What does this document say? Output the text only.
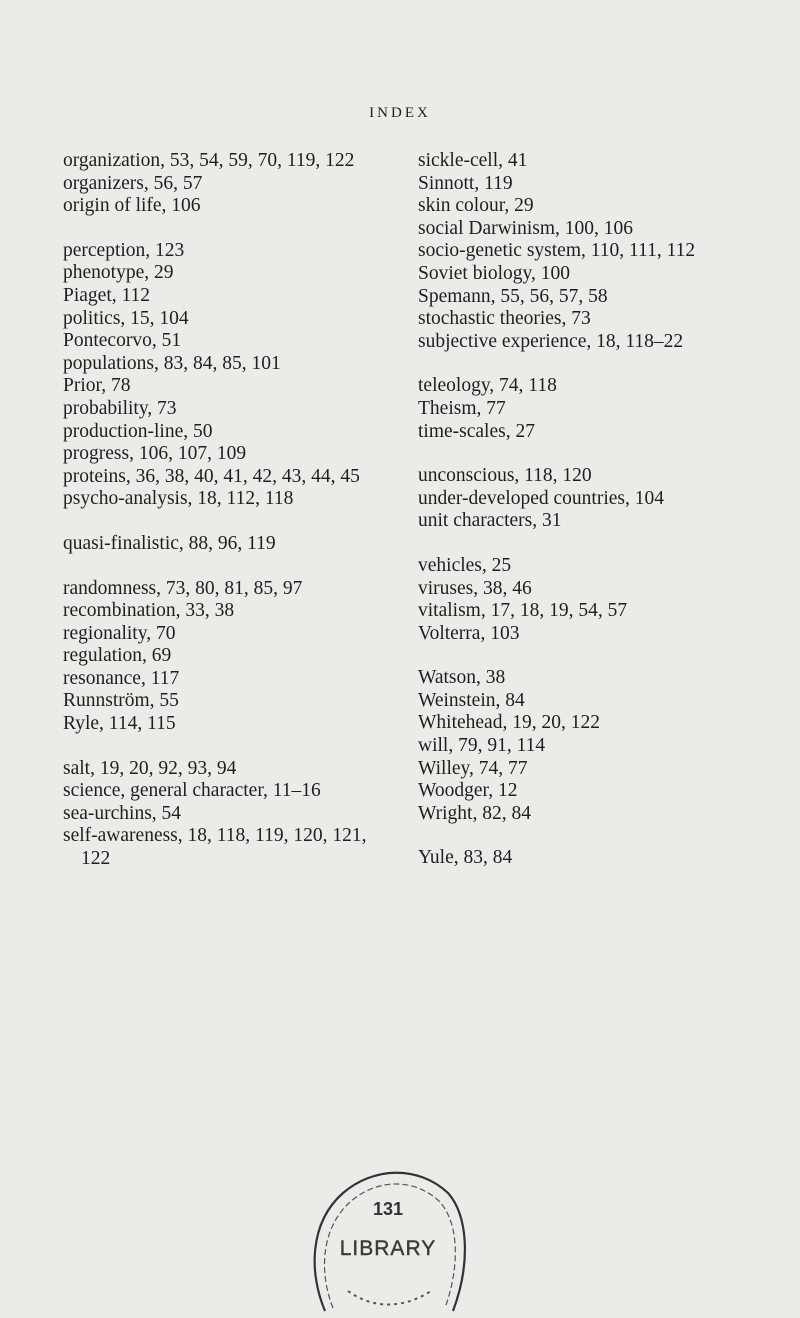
INDEX
organization, 53, 54, 59, 70, 119, 122
organizers, 56, 57
origin of life, 106
perception, 123
phenotype, 29
Piaget, 112
politics, 15, 104
Pontecorvo, 51
populations, 83, 84, 85, 101
Prior, 78
probability, 73
production-line, 50
progress, 106, 107, 109
proteins, 36, 38, 40, 41, 42, 43, 44, 45
psycho-analysis, 18, 112, 118
quasi-finalistic, 88, 96, 119
randomness, 73, 80, 81, 85, 97
recombination, 33, 38
regionality, 70
regulation, 69
resonance, 117
Runnström, 55
Ryle, 114, 115
salt, 19, 20, 92, 93, 94
science, general character, 11–16
sea-urchins, 54
self-awareness, 18, 118, 119, 120, 121, 122
sickle-cell, 41
Sinnott, 119
skin colour, 29
social Darwinism, 100, 106
socio-genetic system, 110, 111, 112
Soviet biology, 100
Spemann, 55, 56, 57, 58
stochastic theories, 73
subjective experience, 18, 118–22
teleology, 74, 118
Theism, 77
time-scales, 27
unconscious, 118, 120
under-developed countries, 104
unit characters, 31
vehicles, 25
viruses, 38, 46
vitalism, 17, 18, 19, 54, 57
Volterra, 103
Watson, 38
Weinstein, 84
Whitehead, 19, 20, 122
will, 79, 91, 114
Willey, 74, 77
Woodger, 12
Wright, 82, 84
Yule, 83, 84
131
LIBRARY
